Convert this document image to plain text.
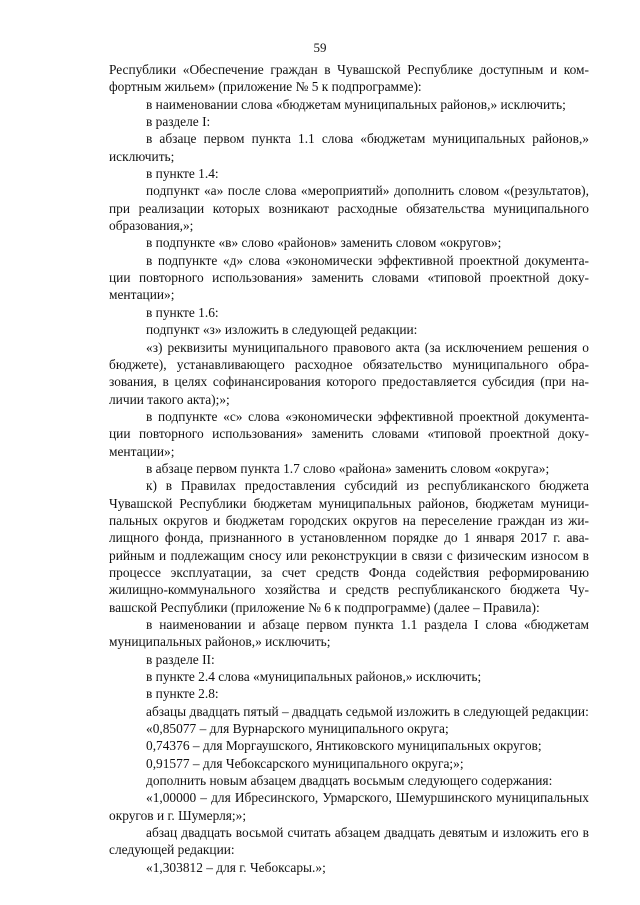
59

Республики «Обеспечение граждан в Чувашской Республике доступным и комфортным жильем» (приложение № 5 к подпрограмме):

в наименовании слова «бюджетам муниципальных районов,» исключить;

в разделе I:

в абзаце первом пункта 1.1 слова «бюджетам муниципальных районов,» исключить;

в пункте 1.4:

подпункт «а» после слова «мероприятий» дополнить словом «(результатов), при реализации которых возникают расходные обязательства муниципального образования,»;

в подпункте «в» слово «районов» заменить словом «округов»;

в подпункте «д» слова «экономически эффективной проектной документации повторного использования» заменить словами «типовой проектной документации»;

в пункте 1.6:

подпункт «з» изложить в следующей редакции:

«з) реквизиты муниципального правового акта (за исключением решения о бюджете), устанавливающего расходное обязательство муниципального образования, в целях софинансирования которого предоставляется субсидия (при наличии такого акта);»;

в подпункте «с» слова «экономически эффективной проектной документации повторного использования» заменить словами «типовой проектной документации»;

в абзаце первом пункта 1.7 слово «района» заменить словом «округа»;

к) в Правилах предоставления субсидий из республиканского бюджета Чувашской Республики бюджетам муниципальных районов, бюджетам муниципальных округов и бюджетам городских округов на переселение граждан из жилищного фонда, признанного в установленном порядке до 1 января 2017 г. аварийным и подлежащим сносу или реконструкции в связи с физическим износом в процессе эксплуатации, за счет средств Фонда содействия реформированию жилищно-коммунального хозяйства и средств республиканского бюджета Чувашской Республики (приложение № 6 к подпрограмме) (далее – Правила):

в наименовании и абзаце первом пункта 1.1 раздела I слова «бюджетам муниципальных районов,» исключить;

в разделе II:

в пункте 2.4 слова «муниципальных районов,» исключить;

в пункте 2.8:

абзацы двадцать пятый – двадцать седьмой изложить в следующей редакции:

«0,85077 – для Вурнарского муниципального округа;

0,74376 – для Моргаушского, Янтиковского муниципальных округов;

0,91577 – для Чебоксарского муниципального округа;»;

дополнить новым абзацем двадцать восьмым следующего содержания:

«1,00000 – для Ибресинского, Урмарского, Шемуршинского муниципальных округов и г. Шумерля;»;

абзац двадцать восьмой считать абзацем двадцать девятым и изложить его в следующей редакции:

«1,303812 – для г. Чебоксары.»;
